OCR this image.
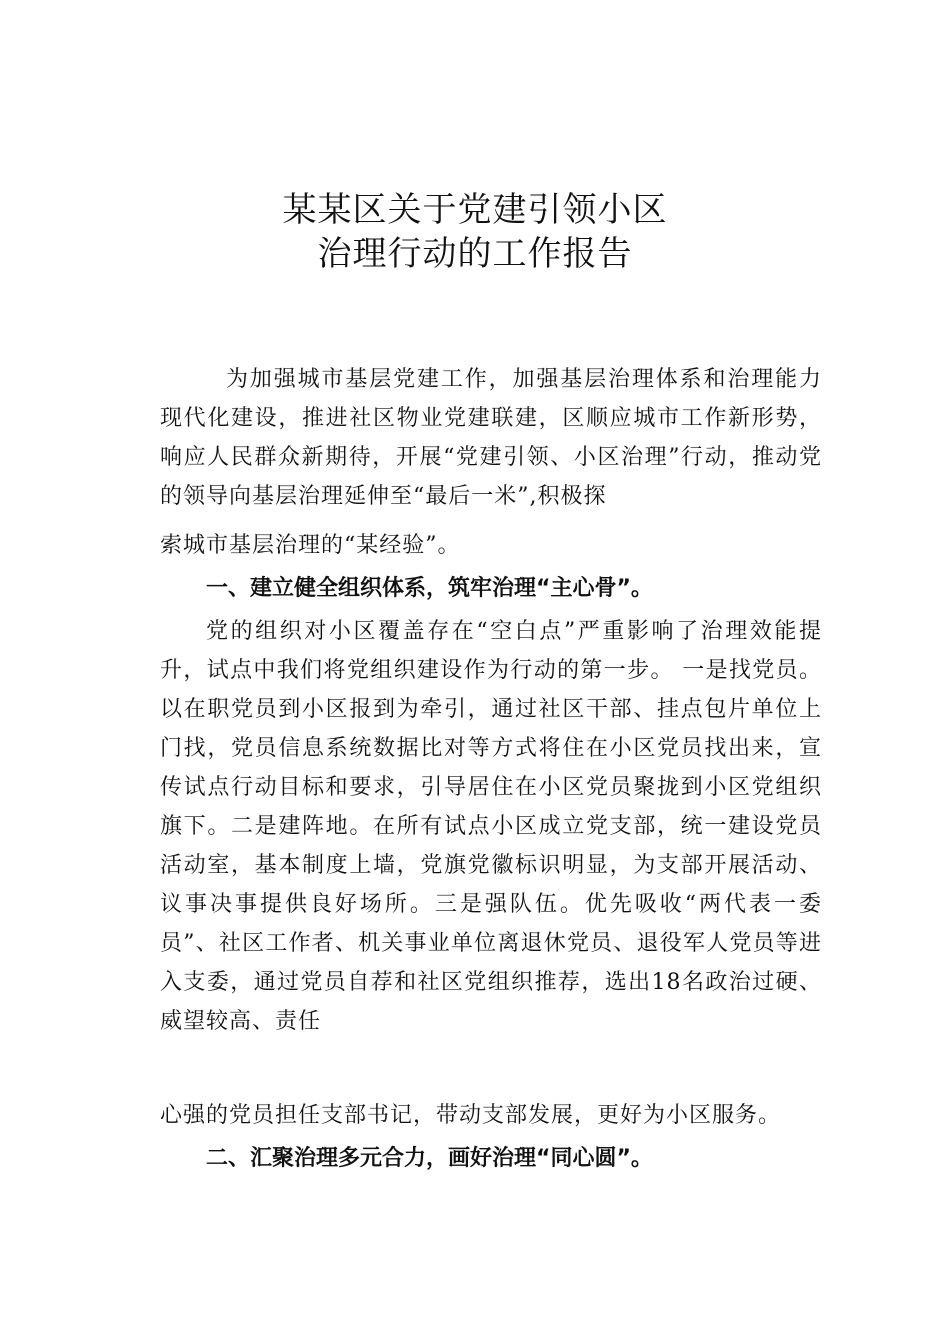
某某区关于党建引领小区
治理行动的工作报告

为加强城市基层党建工作，加强基层治理体系和治理能力现代化建设，推进社区物业党建联建，区顺应城市工作新形势，响应人民群众新期待，开展“党建引领、小区治理”行动，推动党的领导向基层治理延伸至“最后一米”,积极探

索城市基层治理的“某经验”。

一、建立健全组织体系，筑牢治理“主心骨”。

党的组织对小区覆盖存在“空白点”严重影响了治理效能提升，试点中我们将党组织建设作为行动的第一步。 一是找党员。以在职党员到小区报到为牵引，通过社区干部、挂点包片单位上门找，党员信息系统数据比对等方式将住在小区党员找出来，宣传试点行动目标和要求，引导居住在小区党员聚拢到小区党组织旗下。二是建阵地。在所有试点小区成立党支部，统一建设党员活动室，基本制度上墙，党旗党徽标识明显，为支部开展活动、议事决事提供良好场所。三是强队伍。优先吸收“两代表一委员”、社区工作者、机关事业单位离退休党员、退役军人党员等进入支委，通过党员自荐和社区党组织推荐，选出18名政治过硬、威望较高、责任

心强的党员担任支部书记，带动支部发展，更好为小区服务。

二、汇聚治理多元合力，画好治理“同心圆”。
